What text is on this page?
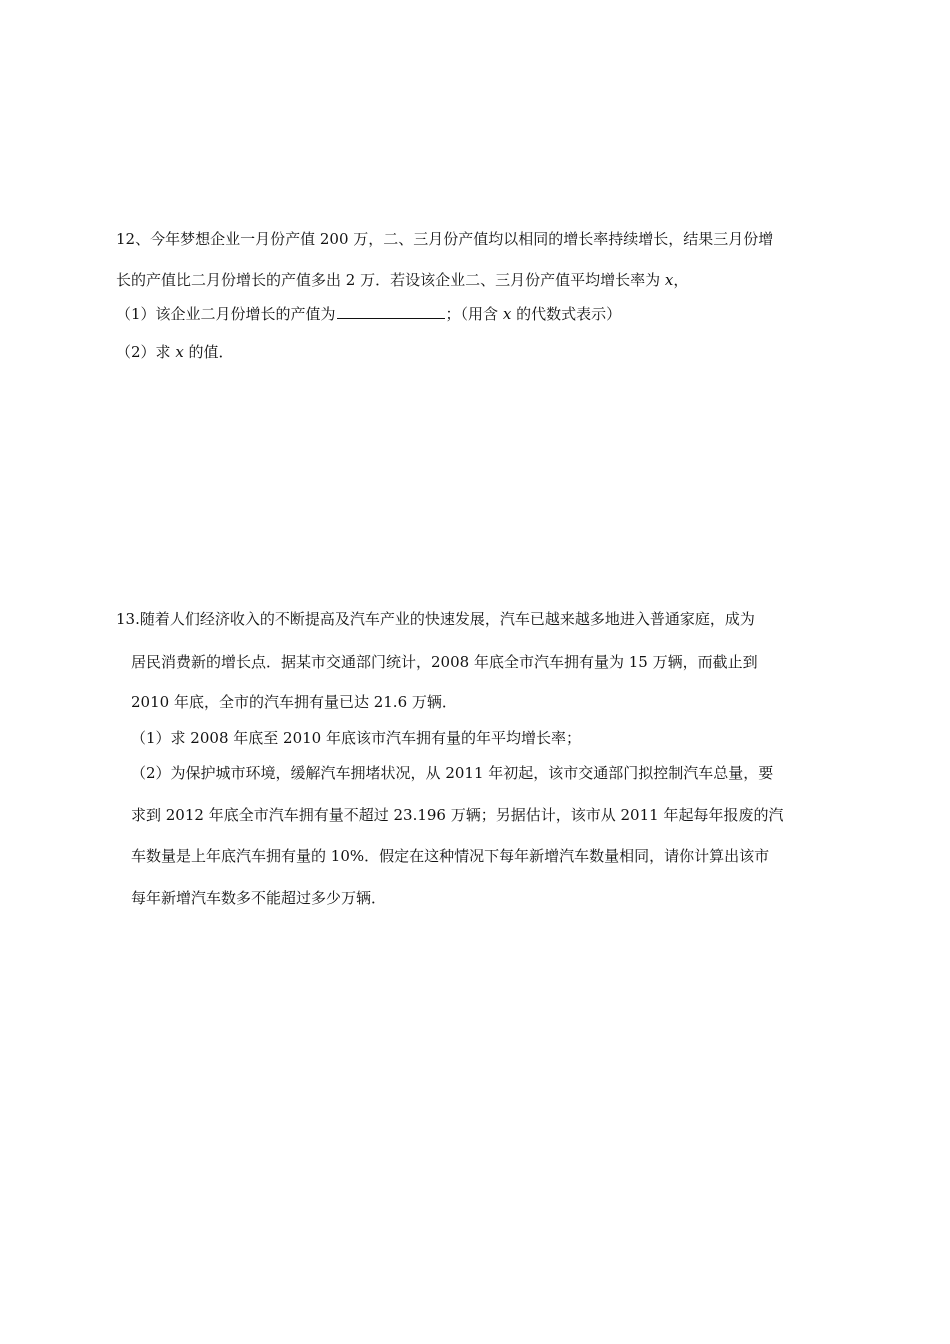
12、今年梦想企业一月份产值 200 万，二、三月份产值均以相同的增长率持续增长，结果三月份增
长的产值比二月份增长的产值多出 2 万．若设该企业二、三月份产值平均增长率为 x，
（1）该企业二月份增长的产值为	；（用含 x 的代数式表示）
（2）求 x 的值．
13.随着人们经济收入的不断提高及汽车产业的快速发展，汽车已越来越多地进入普通家庭，成为
居民消费新的增长点．据某市交通部门统计，2008 年底全市汽车拥有量为 15 万辆，而截止到
2010 年底，全市的汽车拥有量已达 21.6 万辆．
（1）求 2008 年底至 2010 年底该市汽车拥有量的年平均增长率；
（2）为保护城市环境，缓解汽车拥堵状况，从 2011 年初起，该市交通部门拟控制汽车总量，要
求到 2012 年底全市汽车拥有量不超过 23.196 万辆；另据估计，该市从 2011 年起每年报废的汽
车数量是上年底汽车拥有量的 10%．假定在这种情况下每年新增汽车数量相同，请你计算出该市
每年新增汽车数多不能超过多少万辆．
